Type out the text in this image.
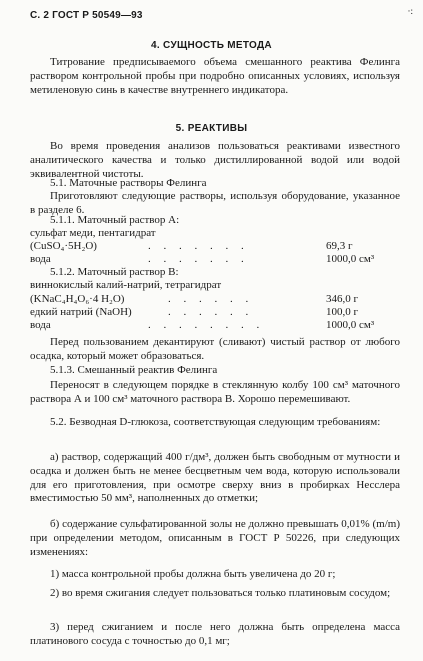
С. 2 ГОСТ Р 50549—93	·:
4. СУЩНОСТЬ МЕТОДА
Титрование предписываемого объема смешанного реактива Фелинга раствором контрольной пробы при подробно описанных условиях, используя метиленовую синь в качестве внутреннего индикатора.
5. РЕАКТИВЫ
Во время проведения анализов пользоваться реактивами известного аналитического качества и только дистиллированной водой или водой эквивалентной чистоты.
5.1. Маточные растворы Фелинга
Приготовляют следующие растворы, используя оборудование, указанное в разделе 6.
5.1.1. Маточный раствор А:
сульфат меди, пентагидрат
(CuSO₄·5H₂O)	. . . . . . .	69,3 г
вода	. . . . . . .	1000,0 см³
5.1.2. Маточный раствор В:
виннокислый калий-натрий, тетрагидрат
(KNaC₄H₄O₆·4 H₂O)	. . . . . .	346,0 г
едкий натрий (NaOH)	. . . . . .	100,0 г
вода	. . . . . . . .	1000,0 см³
Перед пользованием декантируют (сливают) чистый раствор от любого осадка, который может образоваться.
5.1.3. Смешанный реактив Фелинга
Переносят в следующем порядке в стеклянную колбу 100 см³ маточного раствора А и 100 см³ маточного раствора В. Хорошо перемешивают.
5.2. Безводная D-глюкоза, соответствующая следующим требованиям:
а) раствор, содержащий 400 г/дм³, должен быть свободным от мутности и осадка и должен быть не менее бесцветным чем вода, которую использовали для его приготовления, при осмотре сверху вниз в пробирках Несслера вместимостью 50 мм³, наполненных до отметки;
б) содержание сульфатированной золы не должно превышать 0,01% (m/m) при определении методом, описанным в ГОСТ Р 50226, при следующих изменениях:
1) масса контрольной пробы должна быть увеличена до 20 г;
2) во время сжигания следует пользоваться только платиновым сосудом;
3) перед сжиганием и после него должна быть определена масса платинового сосуда с точностью до 0,1 мг;
